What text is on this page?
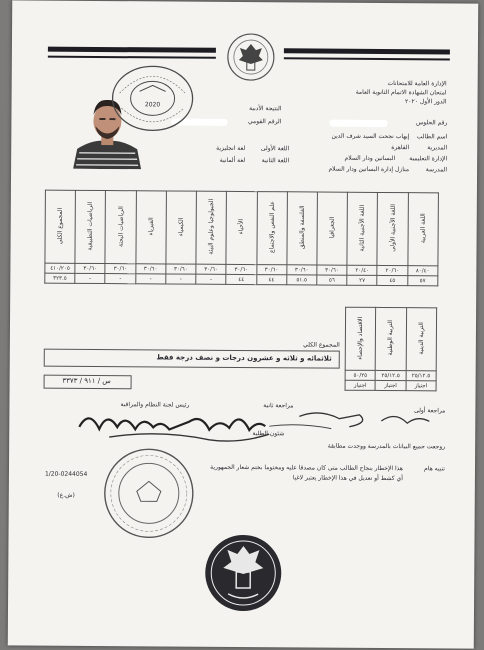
الإدارة العامة للامتحانات
امتحان الشهادة الاتمام الثانوية العامة
الدور الأول ٢٠٢٠
رقم الجلوس
اسم الطالب
إيهاب نجحت السيد شرف الدين
المديرية
القاهرة
الإدارة التعليمية
البساتين ودار السلام
المدرسة
منازل إدارة البساتين ودار السلام
النتيجة الأدبية
الرقم القومي
اللغة الأولى
لغة انجليزية
اللغة الثانية
لغة ألمانية
2020
المجموع الكلي	الرياضيات التطبيقية	الرياضيات البحتة	الفيزياء	الكيمياء	الجيولوجيا وعلوم البيئة	الأحياء	علم النفس والاجتماع	الفلسفة والمنطق	الجغرافيا	اللغة الأجنبية الثانية	اللغة الأجنبية الأولى	اللغة العربية
٤١٠/٢٠٥	٣٠/٦٠	٣٠/٦٠	٣٠/٦٠	٣٠/٦٠	٣٠/٦٠	٣٠/٦٠	٣٠/٦٠	٣٠/٦٠	٣٠/٦٠	٢٠/٤٠	٢٠/٦٠	٨٠/٤٠
٣٢٣.٥	-	-	-	-	-	٤٤	٤٤	٥١.٥	٥٦	٢٧	٤٥	٥٧
الاقتصاد والإحصاء	التربية الوطنية	التربية الدينية
٥٠/٢٥	٢٥/١٢.٥	٢٥/١٢.٥
اجتياز	اجتياز	اجتياز
المجموع الكلي
ثلاثمائه و ثلاثه و عشرون درجات و نصف درجة فقط
س / ٩١١ / ٣٣٧٣
مراجعة أولى
مراجعة ثانية
رئيس لجنة النظام والمراقبة
شئون الطلبة
روجعت جميع البيانات بالمدرسة ووجدت مطابقة
تنبيه هام
هذا الإخطار بنجاح الطالب متى كان مصدقا عليه ومختوما بختم شعار الجمهورية
أي كشط أو تعديل في هذا الإخطار يعتبر لاغيا
1/20-0244054
(ش.ع)
